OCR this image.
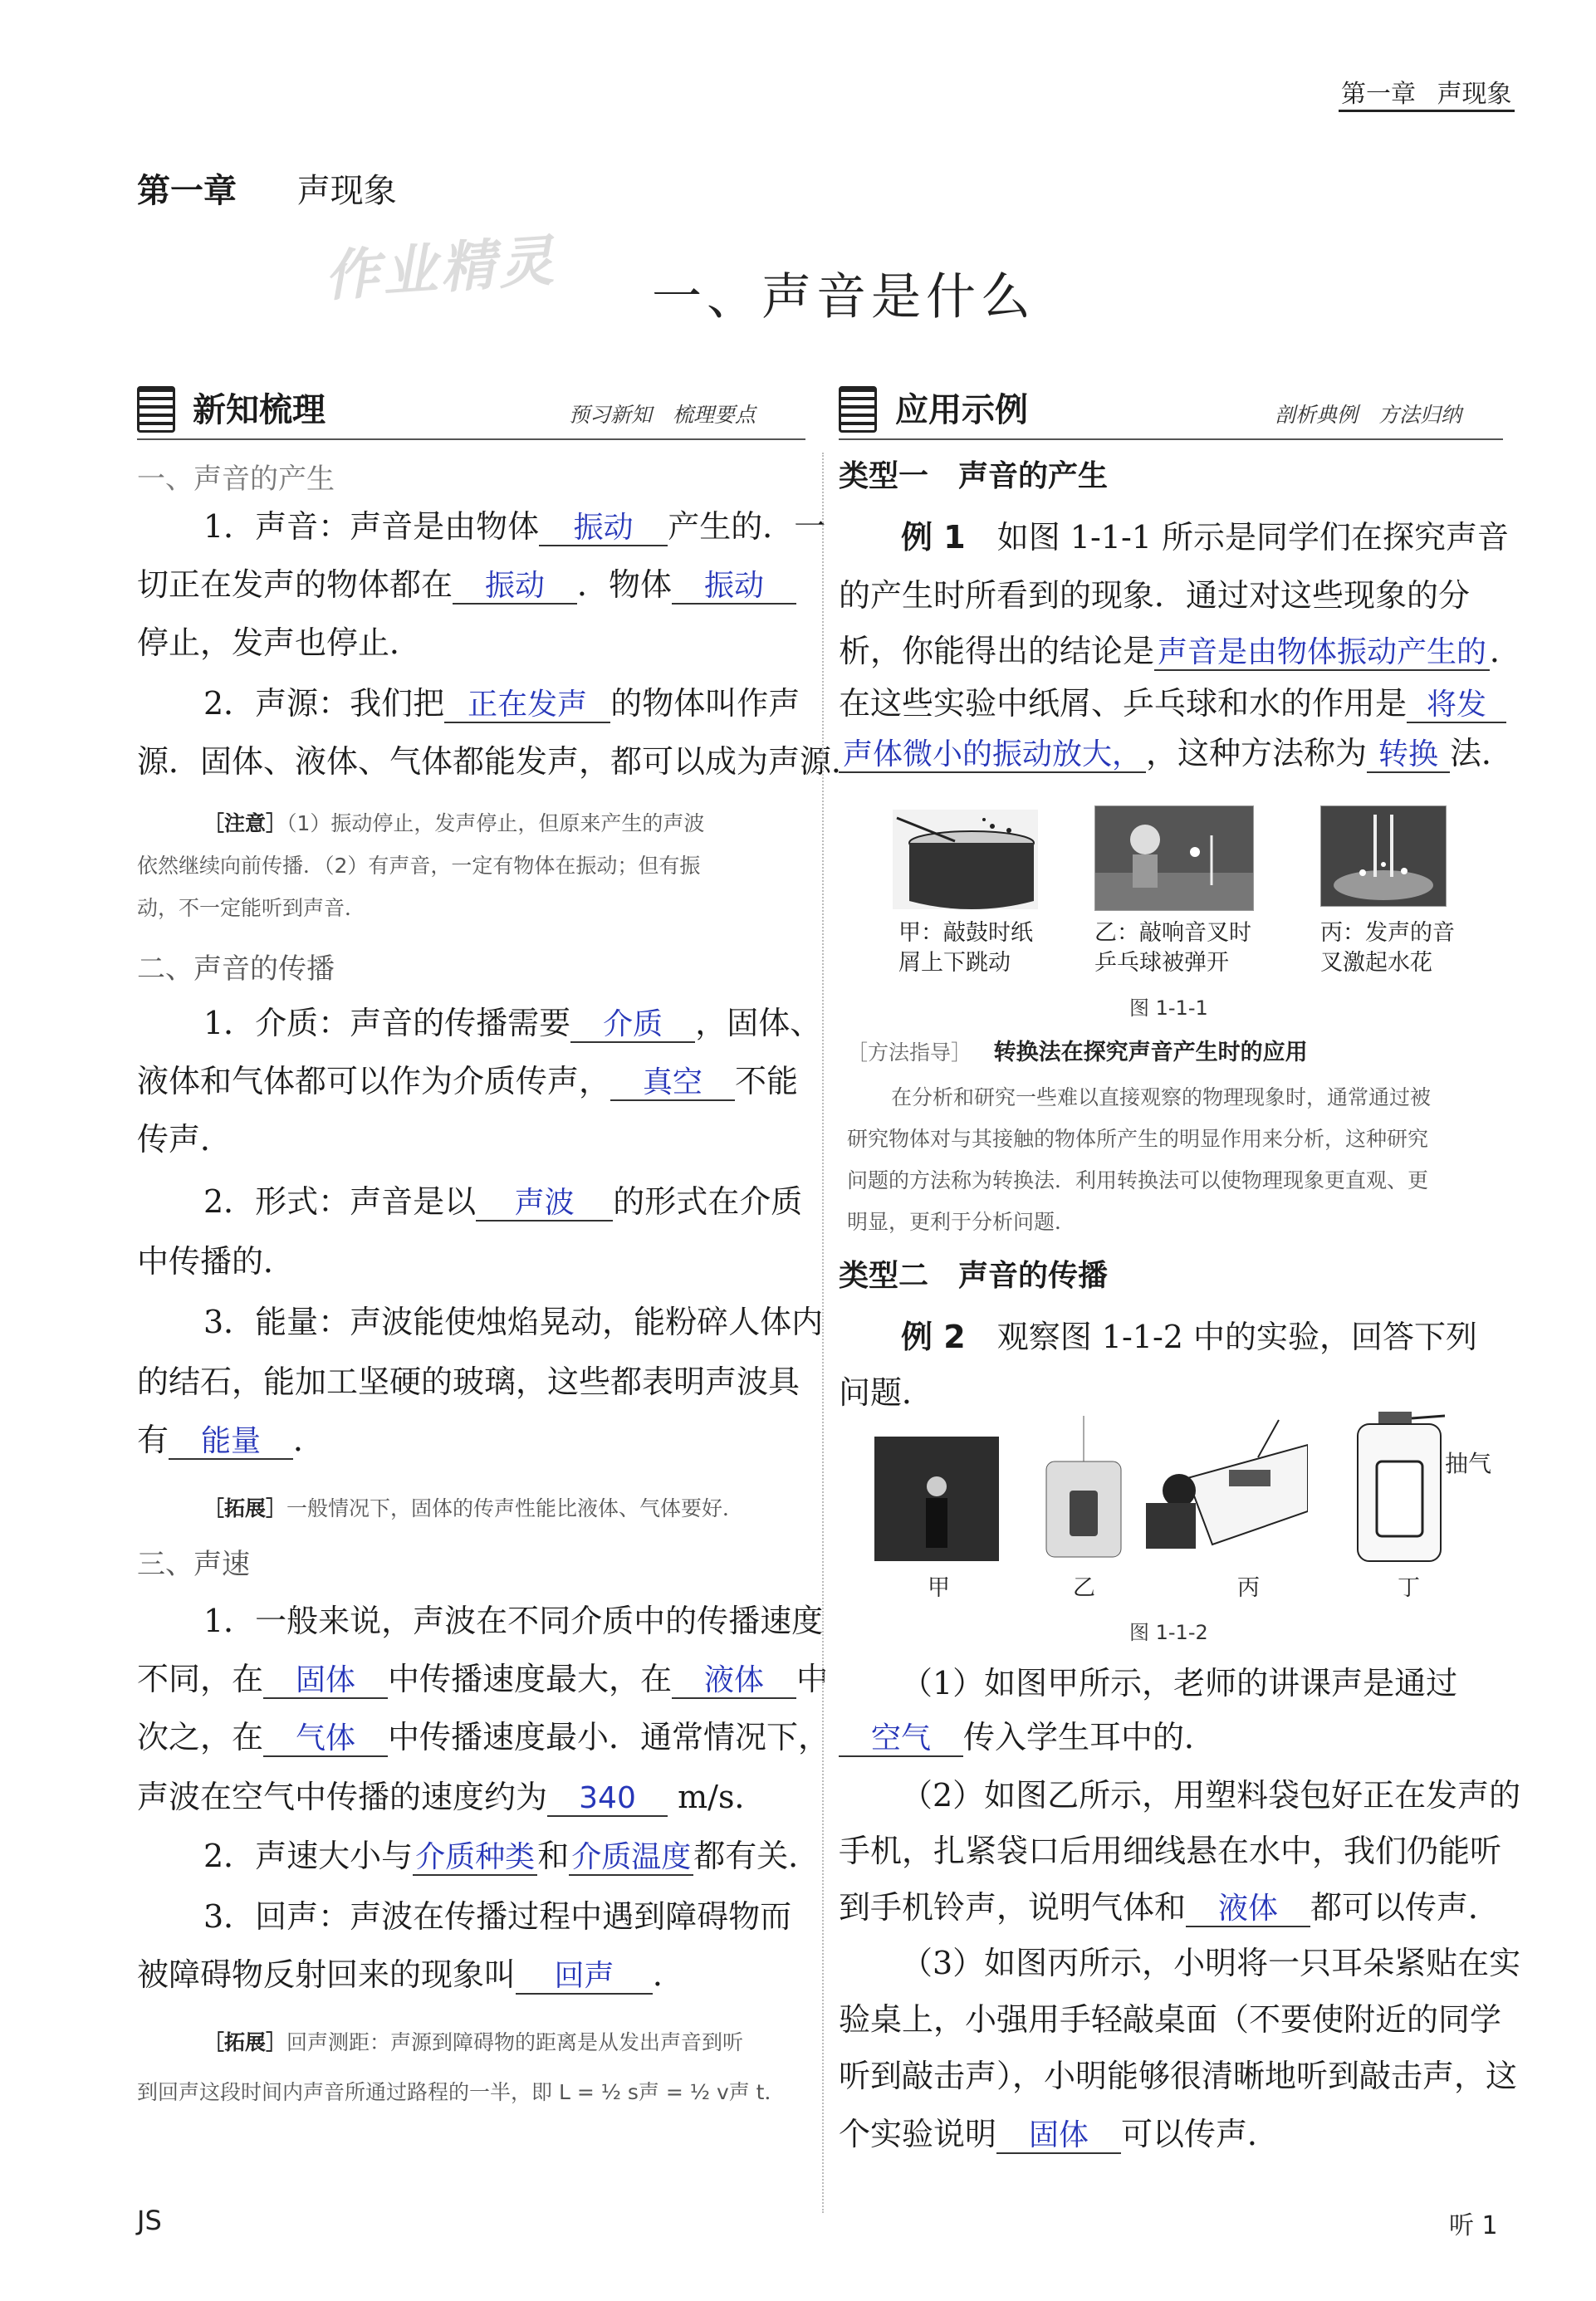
第一章 声现象
第一章 声现象
作业精灵 一、声音是什么
新知梳理	预习新知　梳理要点
一、声音的产生
1．声音：声音是由物体 振动 产生的．一
切正在发声的物体都在 振动 ．物体 振动
停止，发声也停止．
2．声源：我们把 正在发声 的物体叫作声
源．固体、液体、气体都能发声，都可以成为声源．
［注意］（1）振动停止，发声停止，但原来产生的声波
依然继续向前传播．（2）有声音，一定有物体在振动；但有振
动，不一定能听到声音．
二、声音的传播
1．介质：声音的传播需要 介质 ，固体、
液体和气体都可以作为介质传声， 真空 不能
传声．
2．形式：声音是以 声波 的形式在介质
中传播的．
3．能量：声波能使烛焰晃动，能粉碎人体内
的结石，能加工坚硬的玻璃，这些都表明声波具
有 能量 ．
［拓展］一般情况下，固体的传声性能比液体、气体要好．
三、声速
1．一般来说，声波在不同介质中的传播速度
不同，在 固体 中传播速度最大，在 液体 中
次之，在 气体 中传播速度最小．通常情况下，
声波在空气中传播的速度约为 340 m/s．
2．声速大小与介质种类和介质温度都有关．
3．回声：声波在传播过程中遇到障碍物而
被障碍物反射回来的现象叫 回声 ．
［拓展］回声测距：声源到障碍物的距离是从发出声音到听
到回声这段时间内声音所通过路程的一半，即 L = ½ s声 = ½ v声 t．
应用示例	剖析典例　方法归纳
类型一　声音的产生
例 1　 如图 1-1-1 所示是同学们在探究声音
的产生时所看到的现象．通过对这些现象的分
析，你能得出的结论是 声音是由物体振动产生的 ．
在这些实验中纸屑、乒乓球和水的作用是 将发
声体微小的振动放大， ，这种方法称为 转换 法．
甲：敲鼓时纸
屑上下跳动
乙：敲响音叉时
乒乓球被弹开
丙：发声的音
叉激起水花
图 1-1-1
［方法指导］ 转换法在探究声音产生时的应用
在分析和研究一些难以直接观察的物理现象时，通常通过被
研究物体对与其接触的物体所产生的明显作用来分析，这种研究
问题的方法称为转换法．利用转换法可以使物理现象更直观、更
明显，更利于分析问题．
类型二　声音的传播
例 2　 观察图 1-1-2 中的实验，回答下列
问题．
抽气
甲	乙	丙	丁
图 1-1-2
（1）如图甲所示，老师的讲课声是通过
空气 传入学生耳中的．
（2）如图乙所示，用塑料袋包好正在发声的
手机，扎紧袋口后用细线悬在水中，我们仍能听
到手机铃声，说明气体和 液体 都可以传声．
（3）如图丙所示，小明将一只耳朵紧贴在实
验桌上，小强用手轻敲桌面（不要使附近的同学
听到敲击声），小明能够很清晰地听到敲击声，这
个实验说明 固体 可以传声．
JS	听 1
